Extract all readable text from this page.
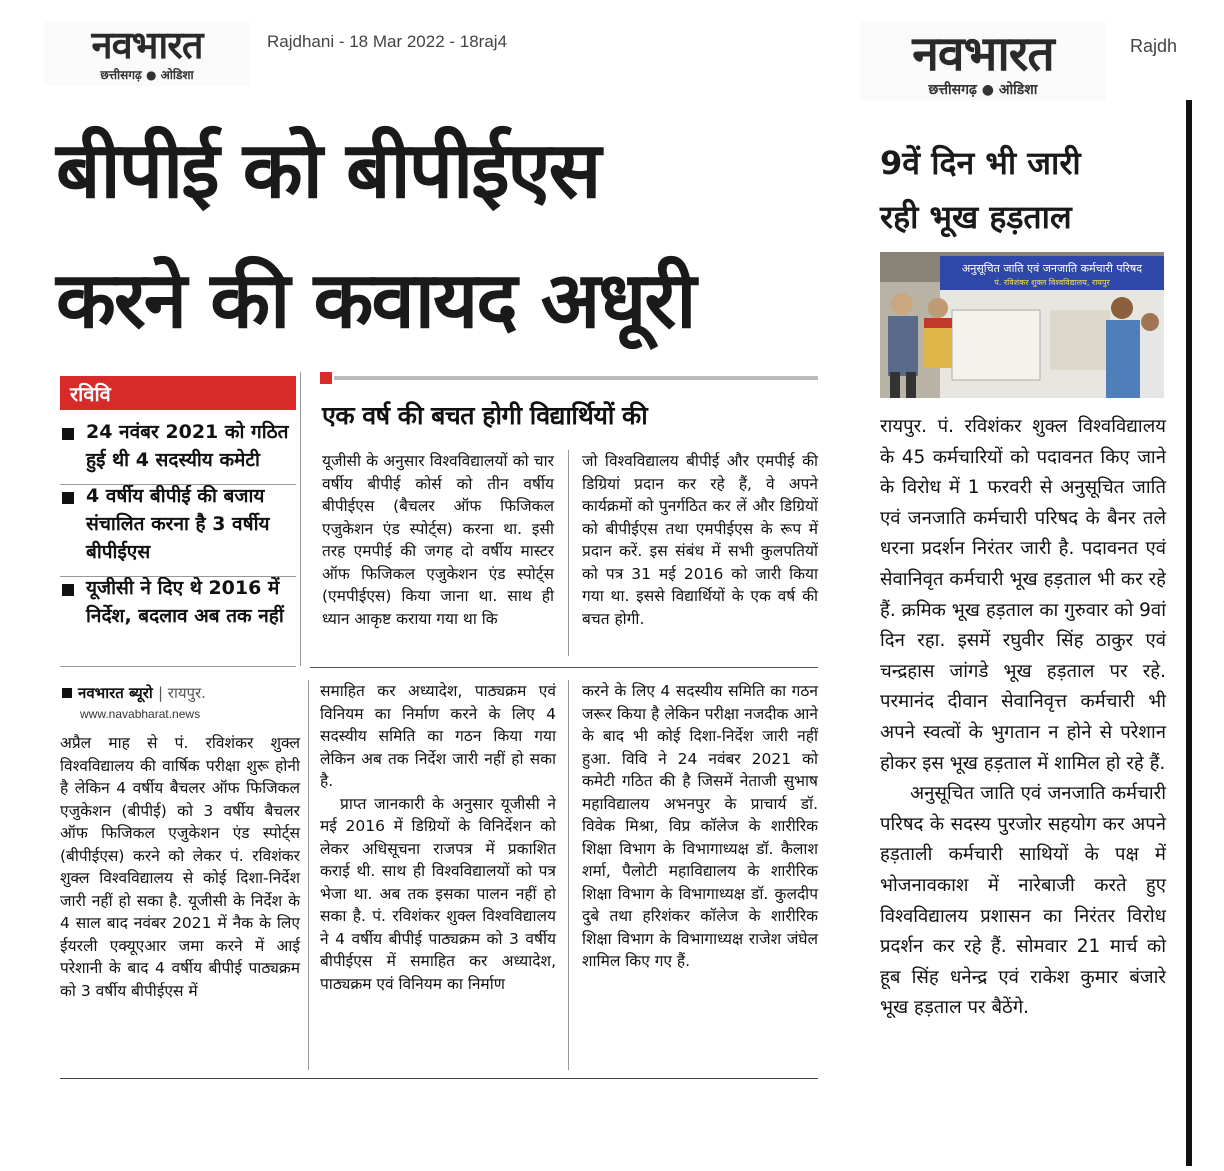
नवभारत
छत्तीसगढ़ ● ओडिशा
Rajdhani - 18 Mar 2022 - 18raj4
बीपीई को बीपीईएस
करने की कवायद अधूरी
रविवि
24 नवंबर 2021 को गठित हुई थी 4 सदस्यीय कमेटी
4 वर्षीय बीपीई की बजाय संचालित करना है 3 वर्षीय बीपीईएस
यूजीसी ने दिए थे 2016 में निर्देश, बदलाव अब तक नहीं
नवभारत ब्यूरो | रायपुर.
www.navabharat.news
एक वर्ष की बचत होगी विद्यार्थियों की
यूजीसी के अनुसार विश्वविद्यालयों को चार वर्षीय बीपीई कोर्स को तीन वर्षीय बीपीईएस (बैचलर ऑफ फिजिकल एजुकेशन एंड स्पोर्ट्स) करना था. इसी तरह एमपीई की जगह दो वर्षीय मास्टर ऑफ फिजिकल एजुकेशन एंड स्पोर्ट्स (एमपीईएस) किया जाना था. साथ ही ध्यान आकृष्ट कराया गया था कि
जो विश्वविद्यालय बीपीई और एमपीई की डिग्रियां प्रदान कर रहे हैं, वे अपने कार्यक्रमों को पुनर्गठित कर लें और डिग्रियों को बीपीईएस तथा एमपीईएस के रूप में प्रदान करें. इस संबंध में सभी कुलपतियों को पत्र 31 मई 2016 को जारी किया गया था. इससे विद्यार्थियों के एक वर्ष की बचत होगी.
अप्रैल माह से पं. रविशंकर शुक्ल विश्वविद्यालय की वार्षिक परीक्षा शुरू होनी है लेकिन 4 वर्षीय बैचलर ऑफ फिजिकल एजुकेशन (बीपीई) को 3 वर्षीय बैचलर ऑफ फिजिकल एजुकेशन एंड स्पोर्ट्स (बीपीईएस) करने को लेकर पं. रविशंकर शुक्ल विश्वविद्यालय से कोई दिशा-निर्देश जारी नहीं हो सका है. यूजीसी के निर्देश के 4 साल बाद नवंबर 2021 में नैक के लिए ईयरली एक्यूएआर जमा करने में आई परेशानी के बाद 4 वर्षीय बीपीई पाठ्यक्रम को 3 वर्षीय बीपीईएस में

समाहित कर अध्यादेश, पाठ्यक्रम एवं विनियम का निर्माण करने के लिए 4 सदस्यीय समिति का गठन किया गया लेकिन अब तक निर्देश जारी नहीं हो सका है.

प्राप्त जानकारी के अनुसार यूजीसी ने मई 2016 में डिग्रियों के विनिर्देशन को लेकर अधिसूचना राजपत्र में प्रकाशित कराई थी. साथ ही विश्वविद्यालयों को पत्र भेजा था. अब तक इसका पालन नहीं हो सका है. पं. रविशंकर शुक्ल विश्वविद्यालय ने 4 वर्षीय बीपीई पाठ्यक्रम को 3 वर्षीय बीपीईएस में समाहित कर अध्यादेश, पाठ्यक्रम एवं विनियम का निर्माण

करने के लिए 4 सदस्यीय समिति का गठन जरूर किया है लेकिन परीक्षा नजदीक आने के बाद भी कोई दिशा-निर्देश जारी नहीं हुआ. विवि ने 24 नवंबर 2021 को कमेटी गठित की है जिसमें नेताजी सुभाष महाविद्यालय अभनपुर के प्राचार्य डॉ. विवेक मिश्रा, विप्र कॉलेज के शारीरिक शिक्षा विभाग के विभागाध्यक्ष डॉ. कैलाश शर्मा, पैलोटी महाविद्यालय के शारीरिक शिक्षा विभाग के विभागाध्यक्ष डॉ. कुलदीप दुबे तथा हरिशंकर कॉलेज के शारीरिक शिक्षा विभाग के विभागाध्यक्ष राजेश जंघेल शामिल किए गए हैं.
नवभारत
छत्तीसगढ़ ● ओडिशा
Rajdh
9वें दिन भी जारी
रही भूख हड़ताल
अनुसूचित जाति एवं जनजाति कर्मचारी परिषद
पं. रविशंकर शुक्ल विश्वविद्यालय, रायपुर

रायपुर. पं. रविशंकर शुक्ल विश्वविद्यालय के 45 कर्मचारियों को पदावनत किए जाने के विरोध में 1 फरवरी से अनुसूचित जाति एवं जनजाति कर्मचारी परिषद के बैनर तले धरना प्रदर्शन निरंतर जारी है. पदावनत एवं सेवानिवृत कर्मचारी भूख हड़ताल भी कर रहे हैं. क्रमिक भूख हड़ताल का गुरुवार को 9वां दिन रहा. इसमें रघुवीर सिंह ठाकुर एवं चन्द्रहास जांगडे भूख हड़ताल पर रहे. परमानंद दीवान सेवानिवृत्त कर्मचारी भी अपने स्वत्वों के भुगतान न होने से परेशान होकर इस भूख हड़ताल में शामिल हो रहे हैं.

अनुसूचित जाति एवं जनजाति कर्मचारी परिषद के सदस्य पुरजोर सहयोग कर अपने हड़ताली कर्मचारी साथियों के पक्ष में भोजनावकाश में नारेबाजी करते हुए विश्वविद्यालय प्रशासन का निरंतर विरोध प्रदर्शन कर रहे हैं. सोमवार 21 मार्च को हूब सिंह धनेन्द्र एवं राकेश कुमार बंजारे भूख हड़ताल पर बैठेंगे.
